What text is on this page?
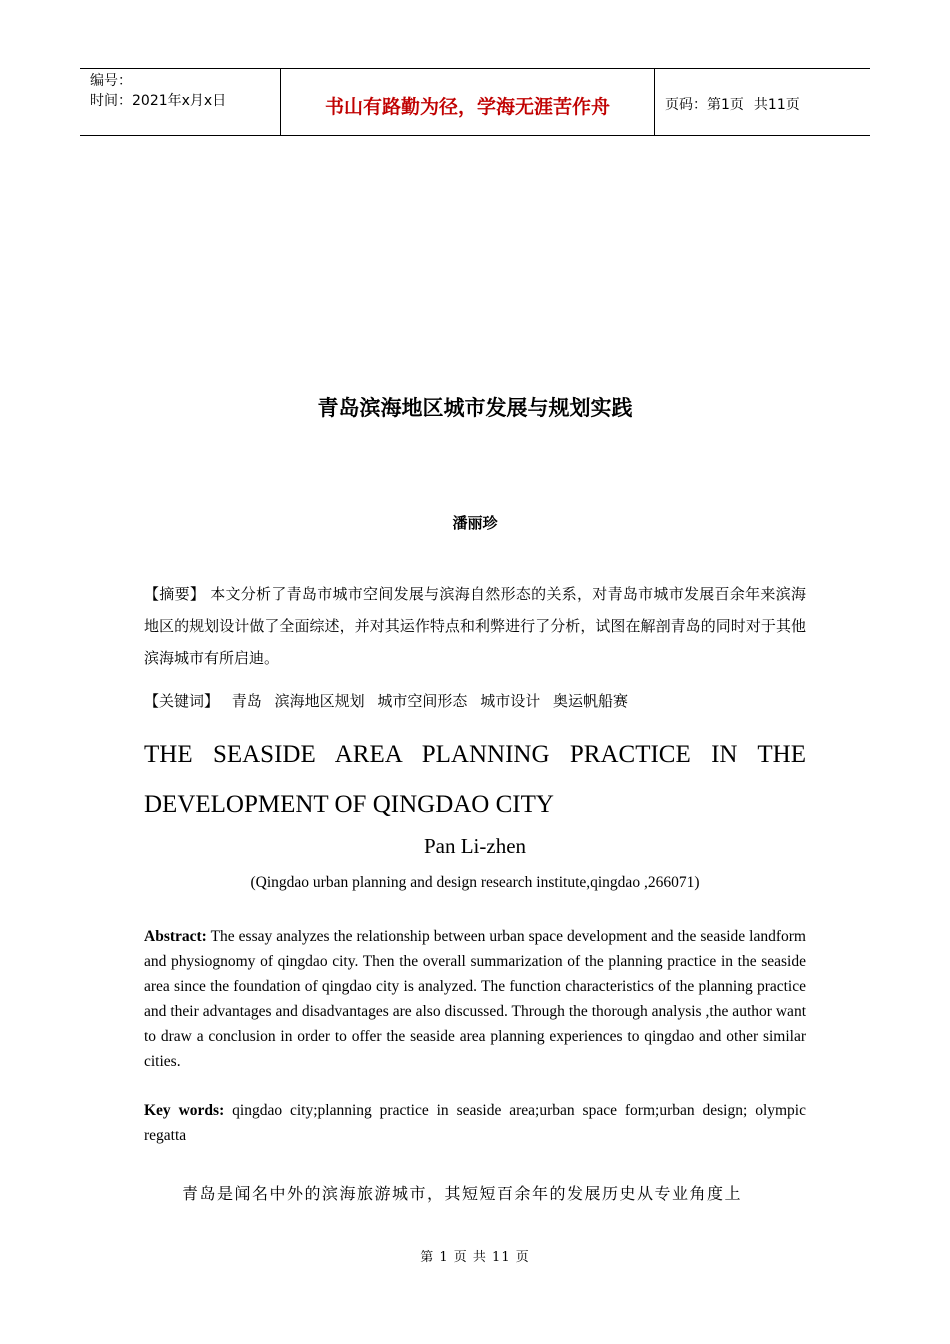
编号：
时间：2021年x月x日	书山有路勤为径，学海无涯苦作舟	页码：第1页 共11页
青岛滨海地区城市发展与规划实践
潘丽珍
【摘要】 本文分析了青岛市城市空间发展与滨海自然形态的关系，对青岛市城市发展百余年来滨海地区的规划设计做了全面综述，并对其运作特点和利弊进行了分析，试图在解剖青岛的同时对于其他滨海城市有所启迪。
【关键词】 青岛 滨海地区规划 城市空间形态 城市设计 奥运帆船赛
THE SEASIDE AREA PLANNING PRACTICE IN THE DEVELOPMENT OF QINGDAO CITY
Pan Li-zhen
(Qingdao urban planning and design research institute,qingdao ,266071)
Abstract: The essay analyzes the relationship between urban space development and the seaside landform and physiognomy of qingdao city. Then the overall summarization of the planning practice in the seaside area since the foundation of qingdao city is analyzed. The function characteristics of the planning practice and their advantages and disadvantages are also discussed. Through the thorough analysis ,the author want to draw a conclusion in order to offer the seaside area planning experiences to qingdao and other similar cities.
Key words: qingdao city;planning practice in seaside area;urban space form;urban design; olympic regatta
青岛是闻名中外的滨海旅游城市，其短短百余年的发展历史从专业角度上
第 1 页 共 11 页
